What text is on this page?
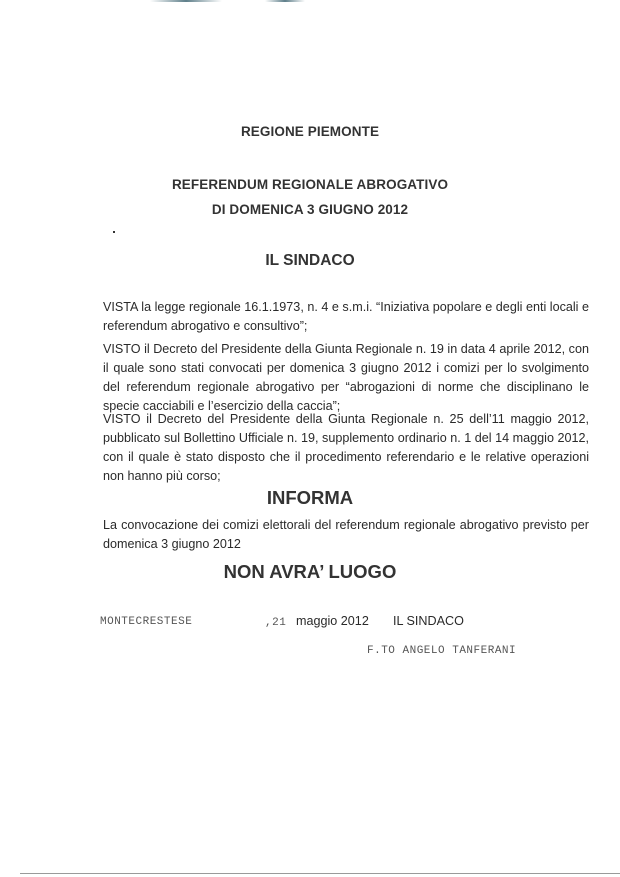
REGIONE PIEMONTE
REFERENDUM REGIONALE ABROGATIVO
DI DOMENICA 3 GIUGNO 2012
IL SINDACO
VISTA la legge regionale 16.1.1973, n. 4 e s.m.i. “Iniziativa popolare e degli enti locali e referendum abrogativo e consultivo”;
VISTO il Decreto del Presidente della Giunta Regionale n. 19 in data 4 aprile 2012, con il quale sono stati convocati per domenica 3 giugno 2012 i comizi per lo svolgimento del referendum regionale abrogativo per “abrogazioni di norme che disciplinano le specie cacciabili e l’esercizio della caccia”;
VISTO il Decreto del Presidente della Giunta Regionale n. 25 dell’11 maggio 2012, pubblicato sul Bollettino Ufficiale n. 19, supplemento ordinario n. 1 del 14 maggio 2012, con il quale è stato disposto che il procedimento referendario e le relative operazioni non hanno più corso;
INFORMA
La convocazione dei comizi elettorali del referendum regionale abrogativo previsto per domenica 3 giugno 2012
NON AVRA’ LUOGO
MONTECRESTESE	,21 maggio 2012 IL SINDACO
F.TO ANGELO TANFERANI
